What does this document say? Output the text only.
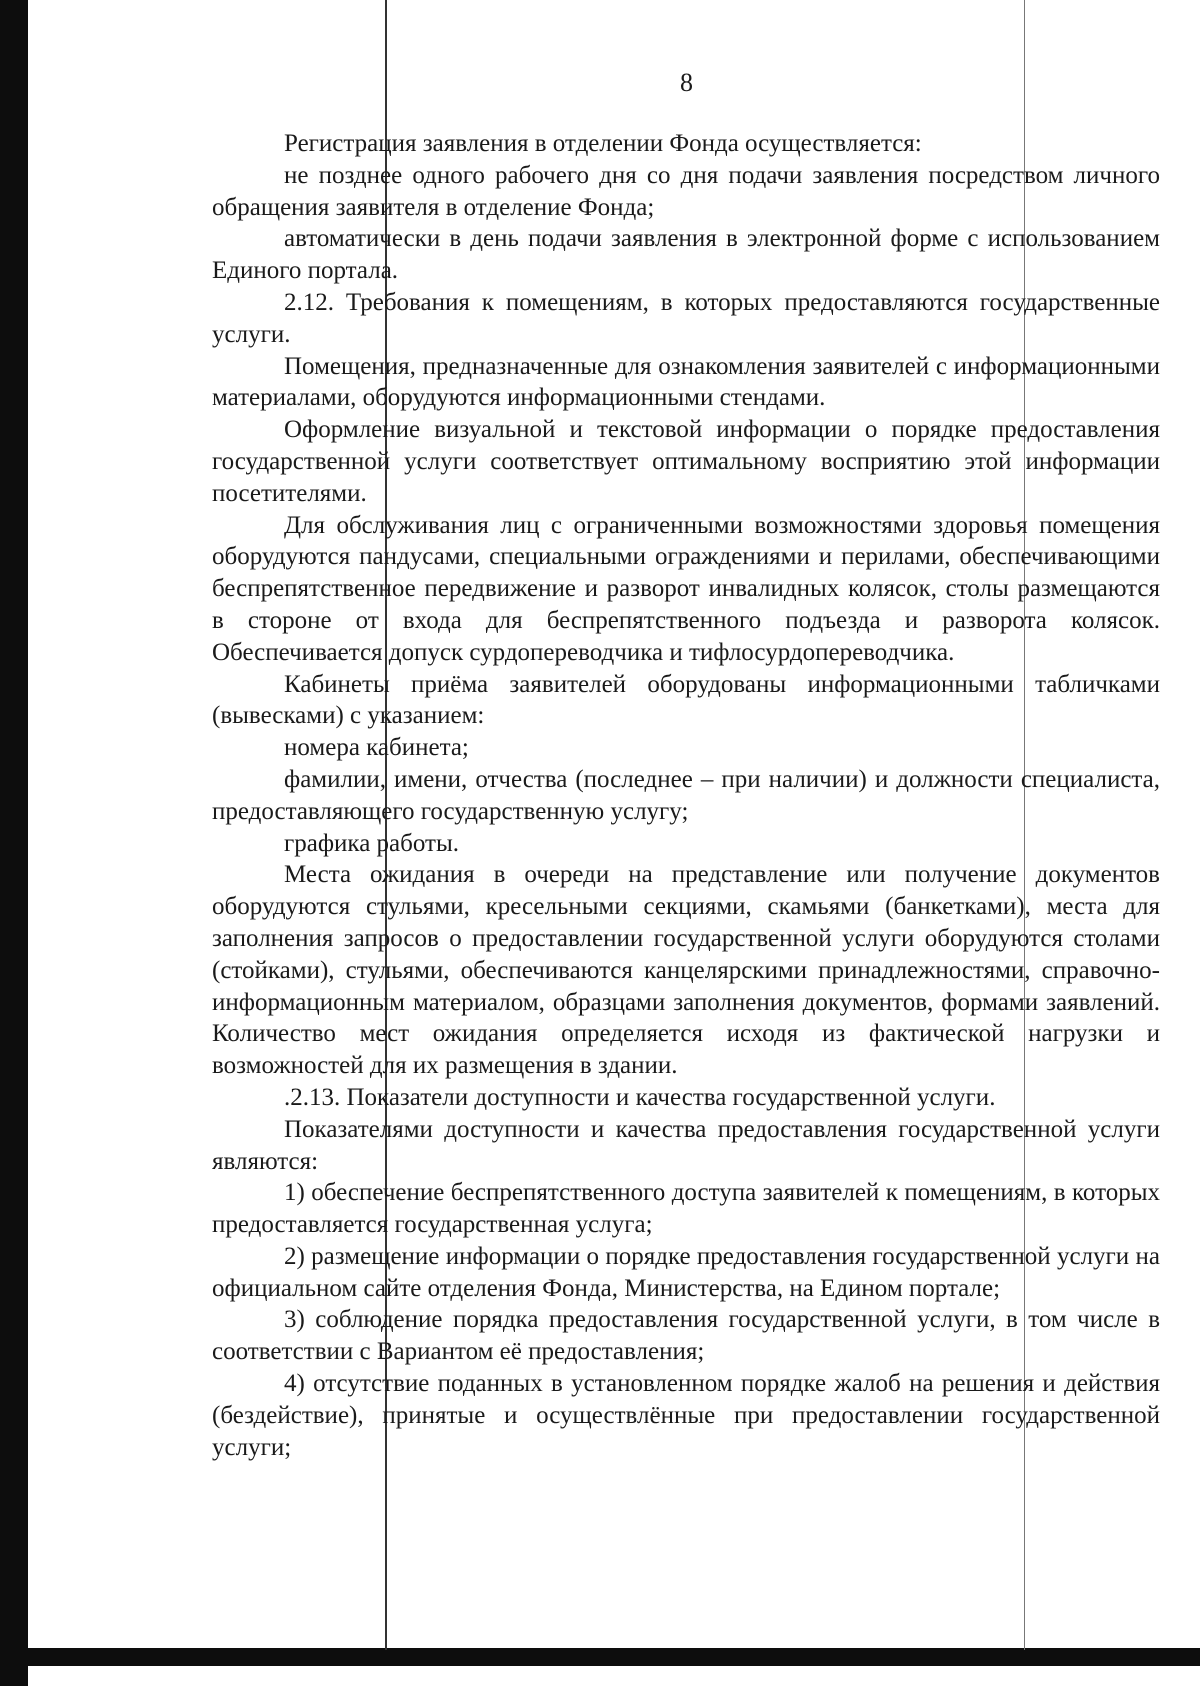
8

Регистрация заявления в отделении Фонда осуществляется:

не позднее одного рабочего дня со дня подачи заявления посредством личного обращения заявителя в отделение Фонда;

автоматически в день подачи заявления в электронной форме с использованием Единого портала.

2.12. Требования к помещениям, в которых предоставляются государственные услуги.

Помещения, предназначенные для ознакомления заявителей с информационными материалами, оборудуются информационными стендами.

Оформление визуальной и текстовой информации о порядке предоставления государственной услуги соответствует оптимальному восприятию этой информации посетителями.

Для обслуживания лиц с ограниченными возможностями здоровья помещения оборудуются пандусами, специальными ограждениями и перилами, обеспечивающими беспрепятственное передвижение и разворот инвалидных колясок, столы размещаются в стороне от входа для беспрепятственного подъезда и разворота колясок. Обеспечивается допуск сурдопереводчика и тифлосурдопереводчика.

Кабинеты приёма заявителей оборудованы информационными табличками (вывесками) с указанием:

номера кабинета;

фамилии, имени, отчества (последнее – при наличии) и должности специалиста, предоставляющего государственную услугу;

графика работы.

Места ожидания в очереди на представление или получение документов оборудуются стульями, кресельными секциями, скамьями (банкетками), места для заполнения запросов о предоставлении государственной услуги оборудуются столами (стойками), стульями, обеспечиваются канцелярскими принадлежностями, справочно-информационным материалом, образцами заполнения документов, формами заявлений. Количество мест ожидания определяется исходя из фактической нагрузки и возможностей для их размещения в здании.

.2.13. Показатели доступности и качества государственной услуги.

Показателями доступности и качества предоставления государственной услуги являются:

1) обеспечение беспрепятственного доступа заявителей к помещениям, в которых предоставляется государственная услуга;

2) размещение информации о порядке предоставления государственной услуги на официальном сайте отделения Фонда, Министерства, на Едином портале;

3) соблюдение порядка предоставления государственной услуги, в том числе в соответствии с Вариантом её предоставления;

4) отсутствие поданных в установленном порядке жалоб на решения и действия (бездействие), принятые и осуществлённые при предоставлении государственной услуги;
